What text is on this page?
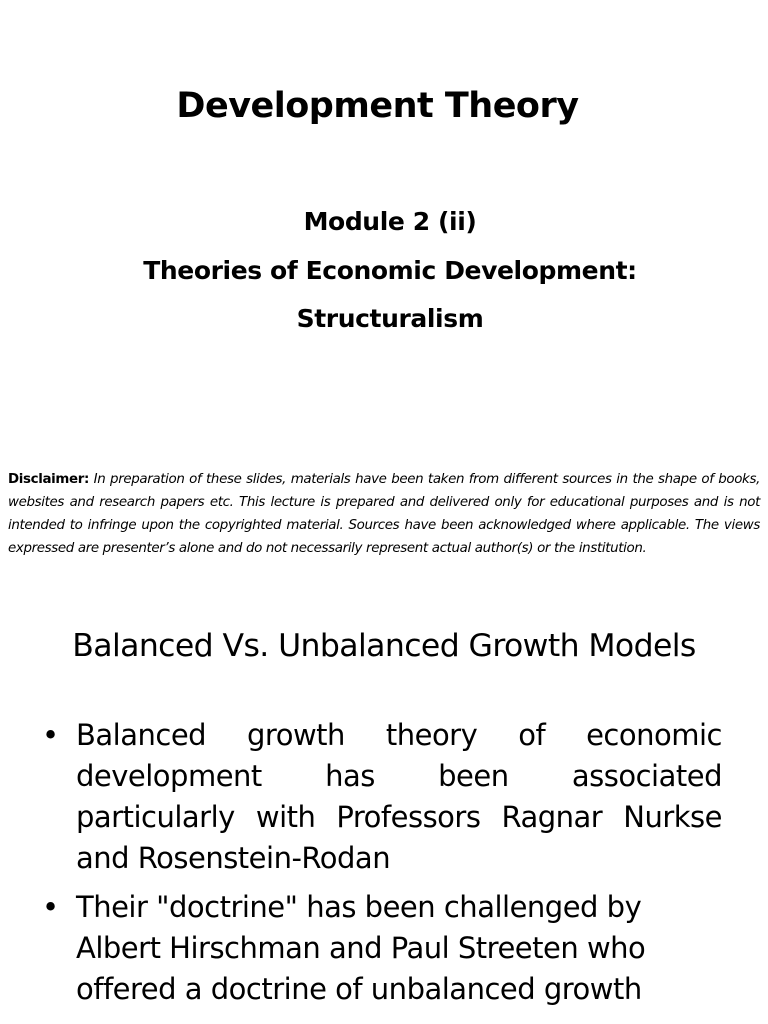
Development Theory
Module 2 (ii)
Theories of Economic Development:
Structuralism

Disclaimer: In preparation of these slides, materials have been taken from different sources in the shape of books, websites and research papers etc. This lecture is prepared and delivered only for educational purposes and is not intended to infringe upon the copyrighted material. Sources have been acknowledged where applicable. The views expressed are presenter’s alone and do not necessarily represent actual author(s) or the institution.

Balanced Vs. Unbalanced Growth Models
• Balanced growth theory of economic development has been associated particularly with Professors Ragnar Nurkse and Rosenstein-Rodan
• Their "doctrine" has been challenged by Albert Hirschman and Paul Streeten who offered a doctrine of unbalanced growth
